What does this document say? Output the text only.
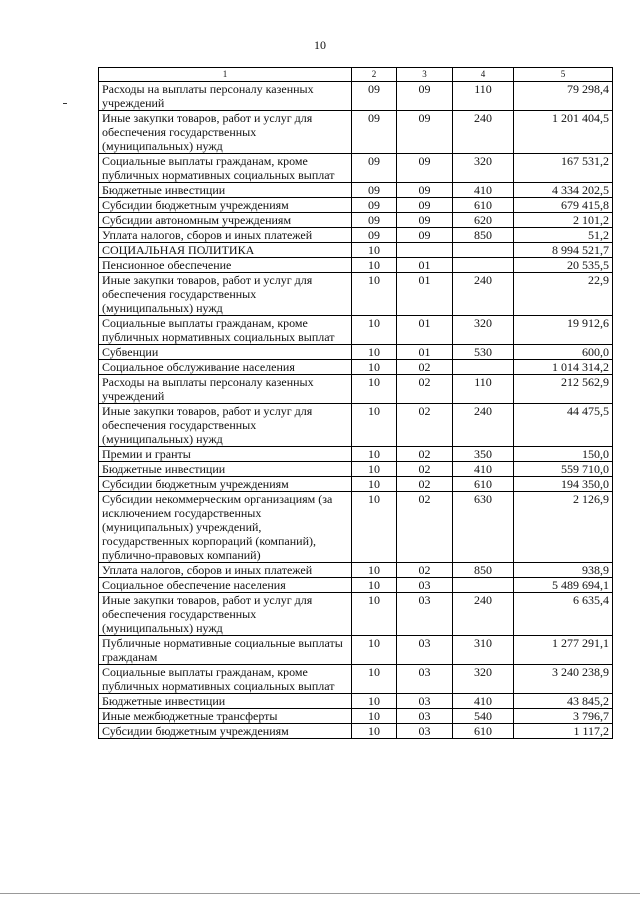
10
1	2	3	4	5
Расходы на выплаты персоналу казенных учреждений	09	09	110	79 298,4
Иные закупки товаров, работ и услуг для обеспечения государственных (муниципальных) нужд	09	09	240	1 201 404,5
Социальные выплаты гражданам, кроме публичных нормативных социальных выплат	09	09	320	167 531,2
Бюджетные инвестиции	09	09	410	4 334 202,5
Субсидии бюджетным учреждениям	09	09	610	679 415,8
Субсидии автономным учреждениям	09	09	620	2 101,2
Уплата налогов, сборов и иных платежей	09	09	850	51,2
СОЦИАЛЬНАЯ ПОЛИТИКА	10			8 994 521,7
Пенсионное обеспечение	10	01		20 535,5
Иные закупки товаров, работ и услуг для обеспечения государственных (муниципальных) нужд	10	01	240	22,9
Социальные выплаты гражданам, кроме публичных нормативных социальных выплат	10	01	320	19 912,6
Субвенции	10	01	530	600,0
Социальное обслуживание населения	10	02		1 014 314,2
Расходы на выплаты персоналу казенных учреждений	10	02	110	212 562,9
Иные закупки товаров, работ и услуг для обеспечения государственных (муниципальных) нужд	10	02	240	44 475,5
Премии и гранты	10	02	350	150,0
Бюджетные инвестиции	10	02	410	559 710,0
Субсидии бюджетным учреждениям	10	02	610	194 350,0
Субсидии некоммерческим организациям (за исключением государственных (муниципальных) учреждений, государственных корпораций (компаний), публично-правовых компаний)	10	02	630	2 126,9
Уплата налогов, сборов и иных платежей	10	02	850	938,9
Социальное обеспечение населения	10	03		5 489 694,1
Иные закупки товаров, работ и услуг для обеспечения государственных (муниципальных) нужд	10	03	240	6 635,4
Публичные нормативные социальные выплаты гражданам	10	03	310	1 277 291,1
Социальные выплаты гражданам, кроме публичных нормативных социальных выплат	10	03	320	3 240 238,9
Бюджетные инвестиции	10	03	410	43 845,2
Иные межбюджетные трансферты	10	03	540	3 796,7
Субсидии бюджетным учреждениям	10	03	610	1 117,2
